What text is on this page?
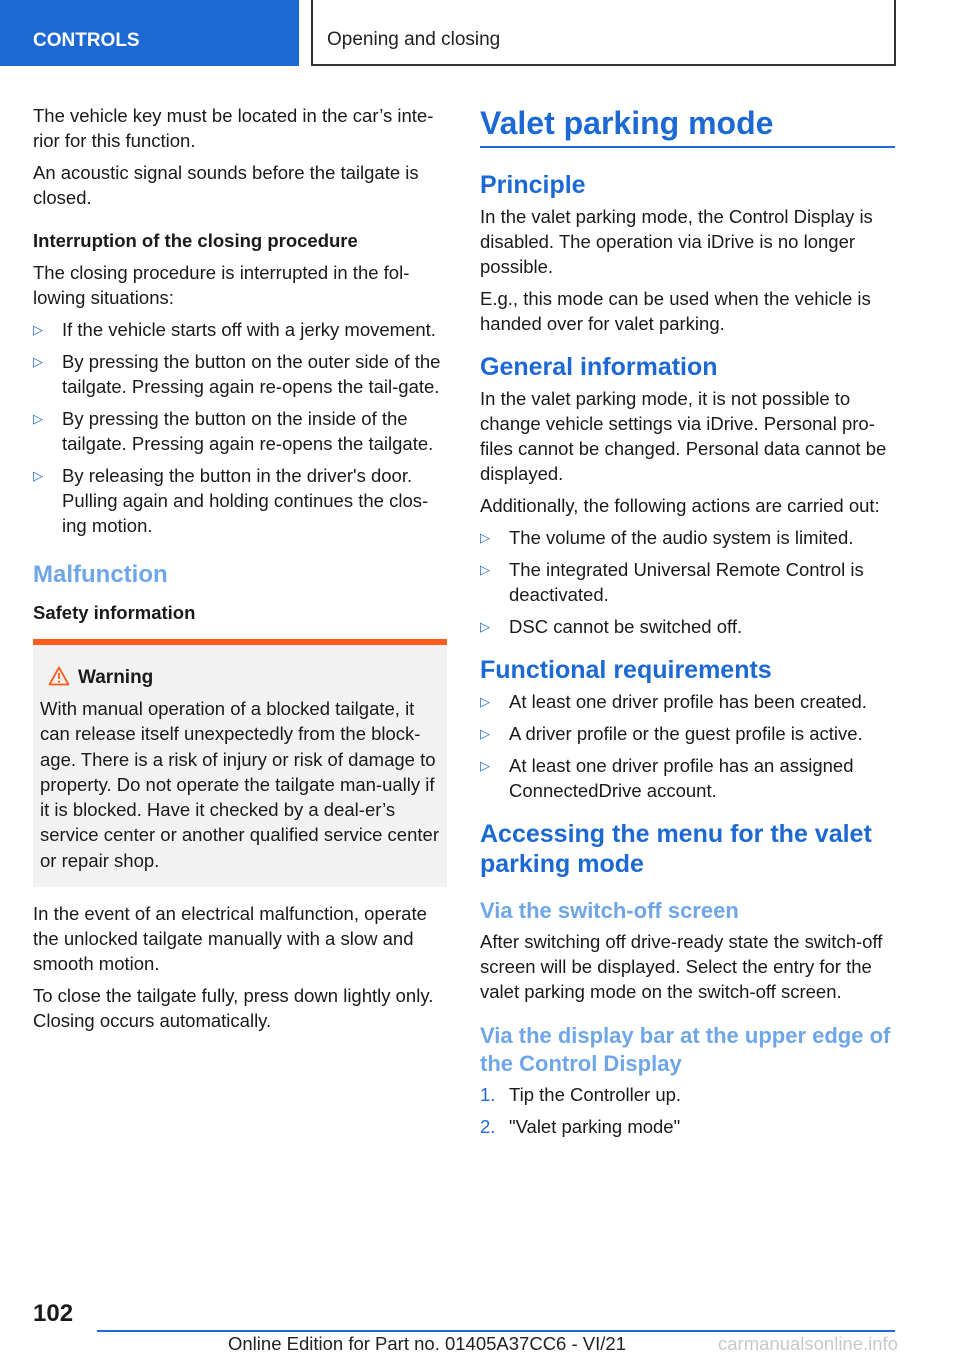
CONTROLS	Opening and closing

The vehicle key must be located in the car’s inte-rior for this function.

An acoustic signal sounds before the tailgate is closed.

Interruption of the closing procedure

The closing procedure is interrupted in the fol-lowing situations:

▷ If the vehicle starts off with a jerky movement.
▷ By pressing the button on the outer side of the tailgate. Pressing again re-opens the tail-gate.
▷ By pressing the button on the inside of the tailgate. Pressing again re-opens the tailgate.
▷ By releasing the button in the driver's door. Pulling again and holding continues the clos-ing motion.
Malfunction
Safety information
Warning

With manual operation of a blocked tailgate, it can release itself unexpectedly from the block-age. There is a risk of injury or risk of damage to property. Do not operate the tailgate man-ually if it is blocked. Have it checked by a deal-er’s service center or another qualified service center or repair shop.

In the event of an electrical malfunction, operate the unlocked tailgate manually with a slow and smooth motion.

To close the tailgate fully, press down lightly only. Closing occurs automatically.

Valet parking mode
Principle

In the valet parking mode, the Control Display is disabled. The operation via iDrive is no longer possible.

E.g., this mode can be used when the vehicle is handed over for valet parking.

General information

In the valet parking mode, it is not possible to change vehicle settings via iDrive. Personal pro-files cannot be changed. Personal data cannot be displayed.

Additionally, the following actions are carried out:

▷ The volume of the audio system is limited.
▷ The integrated Universal Remote Control is deactivated.
▷ DSC cannot be switched off.
Functional requirements
▷ At least one driver profile has been created.
▷ A driver profile or the guest profile is active.
▷ At least one driver profile has an assigned ConnectedDrive account.
Accessing the menu for the valet parking mode
Via the switch-off screen

After switching off drive-ready state the switch-off screen will be displayed. Select the entry for the valet parking mode on the switch-off screen.

Via the display bar at the upper edge of the Control Display
1. Tip the Controller up.
2. "Valet parking mode"
102
Online Edition for Part no. 01405A37CC6 - VI/21	carmanualsonline.info
